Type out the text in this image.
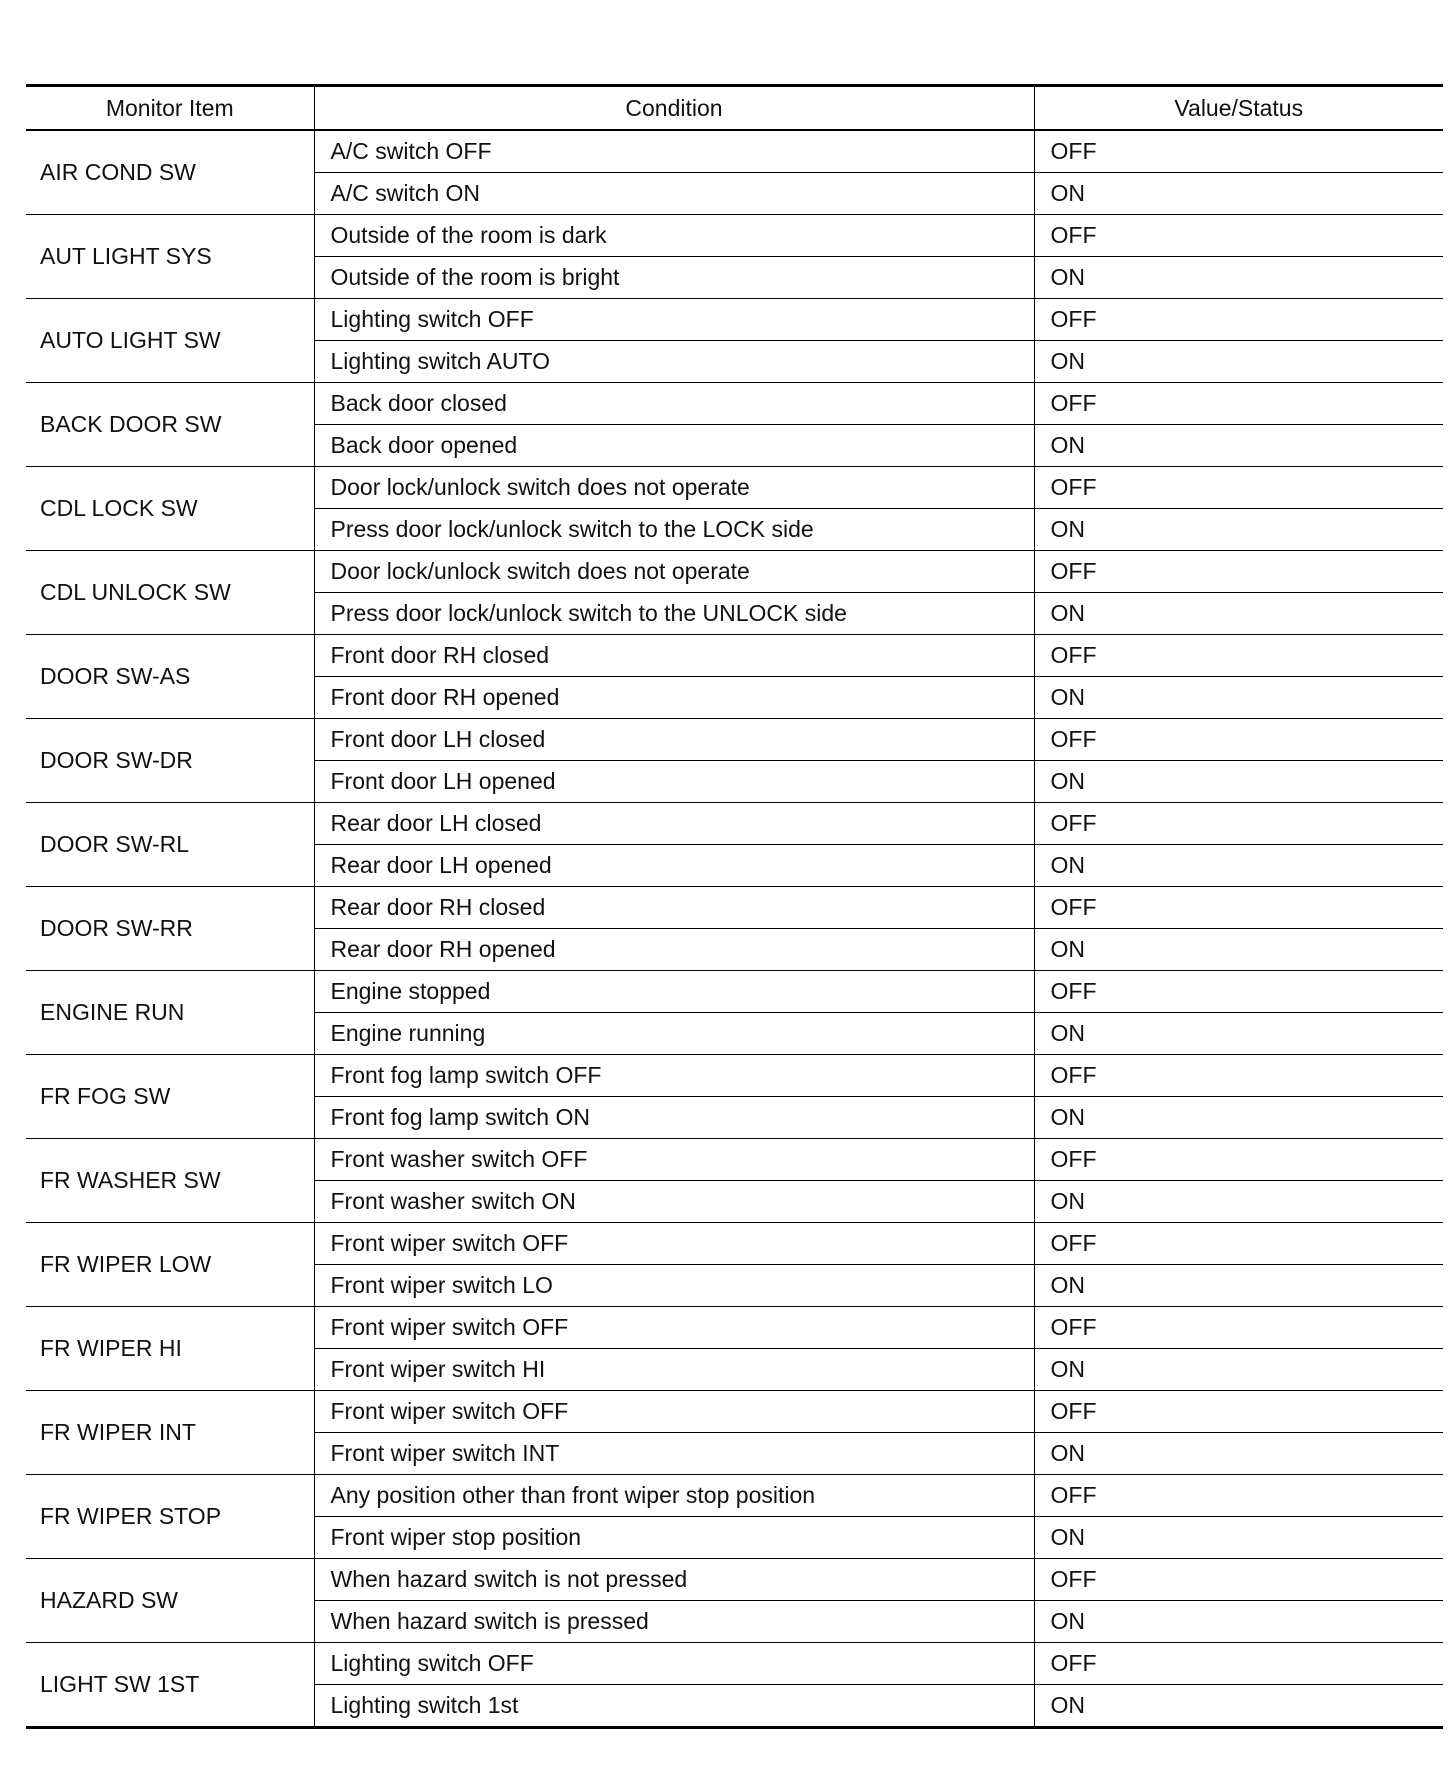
Monitor Item	Condition	Value/Status
AIR COND SW	A/C switch OFF	OFF
	A/C switch ON	ON
AUT LIGHT SYS	Outside of the room is dark	OFF
	Outside of the room is bright	ON
AUTO LIGHT SW	Lighting switch OFF	OFF
	Lighting switch AUTO	ON
BACK DOOR SW	Back door closed	OFF
	Back door opened	ON
CDL LOCK SW	Door lock/unlock switch does not operate	OFF
	Press door lock/unlock switch to the LOCK side	ON
CDL UNLOCK SW	Door lock/unlock switch does not operate	OFF
	Press door lock/unlock switch to the UNLOCK side	ON
DOOR SW-AS	Front door RH closed	OFF
	Front door RH opened	ON
DOOR SW-DR	Front door LH closed	OFF
	Front door LH opened	ON
DOOR SW-RL	Rear door LH closed	OFF
	Rear door LH opened	ON
DOOR SW-RR	Rear door RH closed	OFF
	Rear door RH opened	ON
ENGINE RUN	Engine stopped	OFF
	Engine running	ON
FR FOG SW	Front fog lamp switch OFF	OFF
	Front fog lamp switch ON	ON
FR WASHER SW	Front washer switch OFF	OFF
	Front washer switch ON	ON
FR WIPER LOW	Front wiper switch OFF	OFF
	Front wiper switch LO	ON
FR WIPER HI	Front wiper switch OFF	OFF
	Front wiper switch HI	ON
FR WIPER INT	Front wiper switch OFF	OFF
	Front wiper switch INT	ON
FR WIPER STOP	Any position other than front wiper stop position	OFF
	Front wiper stop position	ON
HAZARD SW	When hazard switch is not pressed	OFF
	When hazard switch is pressed	ON
LIGHT SW 1ST	Lighting switch OFF	OFF
	Lighting switch 1st	ON
